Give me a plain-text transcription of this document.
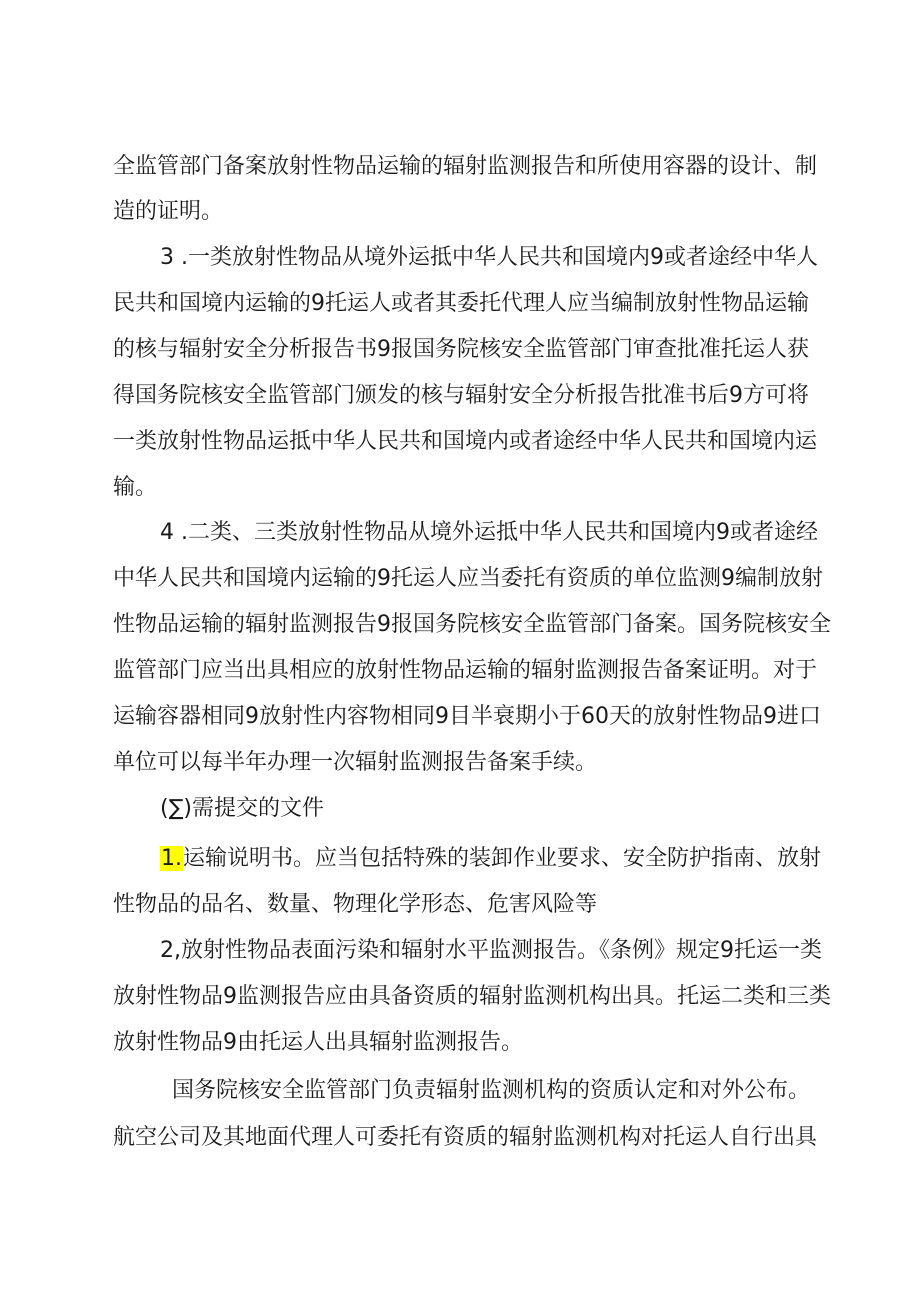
全监管部门备案放射性物品运输的辐射监测报告和所使用容器的设计、制
造的证明。
3 .一类放射性物品从境外运抵中华人民共和国境内9或者途经中华人
民共和国境内运输的9托运人或者其委托代理人应当编制放射性物品运输
的核与辐射安全分析报告书9报国务院核安全监管部门审查批准托运人获
得国务院核安全监管部门颁发的核与辐射安全分析报告批准书后9方可将
一类放射性物品运抵中华人民共和国境内或者途经中华人民共和国境内运
输。
4 .二类、三类放射性物品从境外运抵中华人民共和国境内9或者途经
中华人民共和国境内运输的9托运人应当委托有资质的单位监测9编制放射
性物品运输的辐射监测报告9报国务院核安全监管部门备案。国务院核安全
监管部门应当出具相应的放射性物品运输的辐射监测报告备案证明。对于
运输容器相同9放射性内容物相同9目半衰期小于60天的放射性物品9进口
单位可以每半年办理一次辐射监测报告备案手续。
(∑)需提交的文件
1.运输说明书。应当包括特殊的装卸作业要求、安全防护指南、放射
性物品的品名、数量、物理化学形态、危害风险等
2,放射性物品表面污染和辐射水平监测报告。《条例》规定9托运一类
放射性物品9监测报告应由具备资质的辐射监测机构出具。托运二类和三类
放射性物品9由托运人出具辐射监测报告。
国务院核安全监管部门负责辐射监测机构的资质认定和对外公布。
航空公司及其地面代理人可委托有资质的辐射监测机构对托运人自行出具
